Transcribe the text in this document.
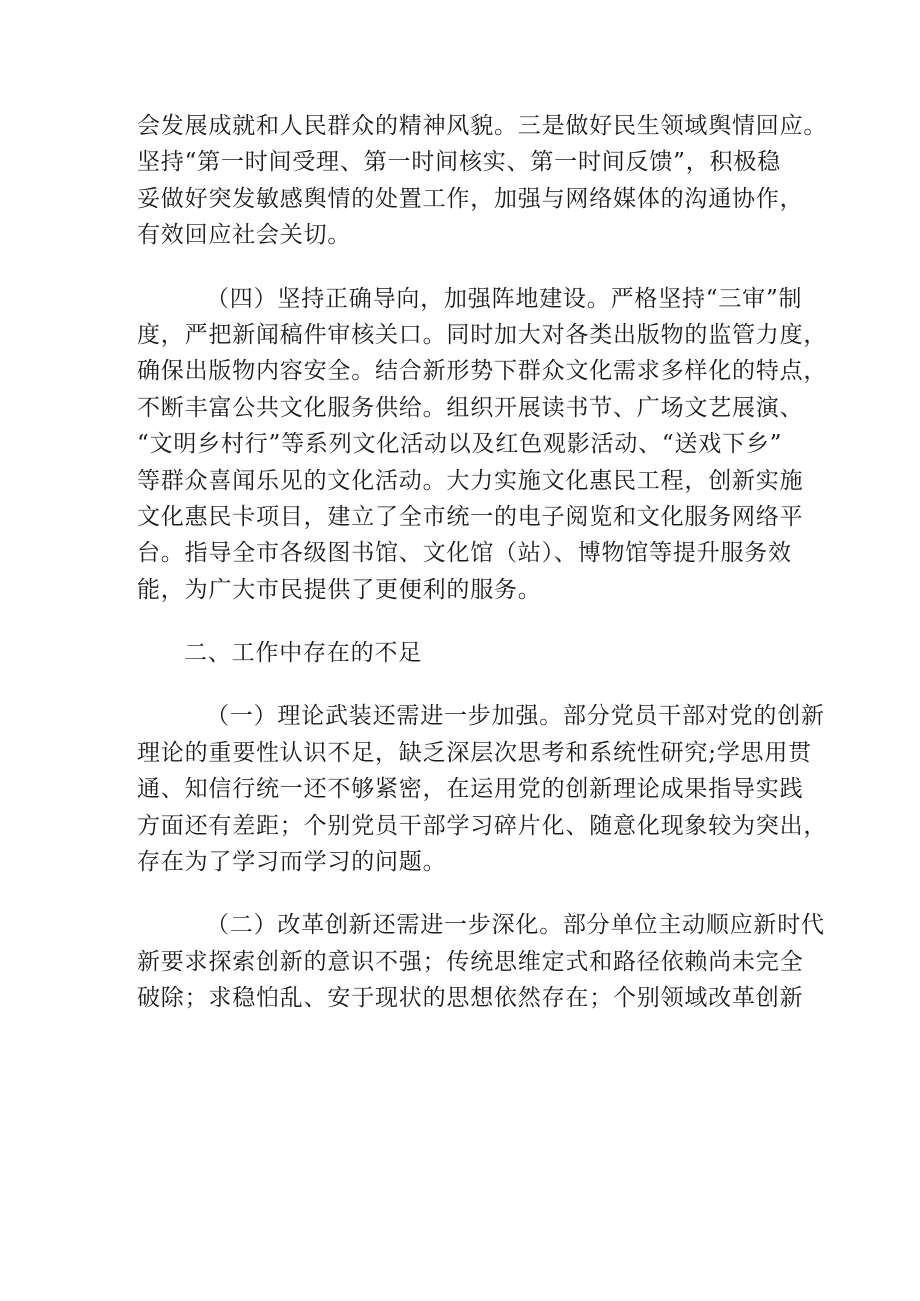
会发展成就和人民群众的精神风貌。三是做好民生领域舆情回应。
坚持“第一时间受理、第一时间核实、第一时间反馈”，积极稳
妥做好突发敏感舆情的处置工作，加强与网络媒体的沟通协作，
有效回应社会关切。
（四）坚持正确导向，加强阵地建设。严格坚持“三审”制
度，严把新闻稿件审核关口。同时加大对各类出版物的监管力度，
确保出版物内容安全。结合新形势下群众文化需求多样化的特点，
不断丰富公共文化服务供给。组织开展读书节、广场文艺展演、
“文明乡村行”等系列文化活动以及红色观影活动、“送戏下乡”
等群众喜闻乐见的文化活动。大力实施文化惠民工程，创新实施
文化惠民卡项目，建立了全市统一的电子阅览和文化服务网络平
台。指导全市各级图书馆、文化馆（站）、博物馆等提升服务效
能，为广大市民提供了更便利的服务。
二、工作中存在的不足
（一）理论武装还需进一步加强。部分党员干部对党的创新
理论的重要性认识不足，缺乏深层次思考和系统性研究;学思用贯
通、知信行统一还不够紧密，在运用党的创新理论成果指导实践
方面还有差距；个别党员干部学习碎片化、随意化现象较为突出，
存在为了学习而学习的问题。
（二）改革创新还需进一步深化。部分单位主动顺应新时代
新要求探索创新的意识不强；传统思维定式和路径依赖尚未完全
破除；求稳怕乱、安于现状的思想依然存在；个别领域改革创新
